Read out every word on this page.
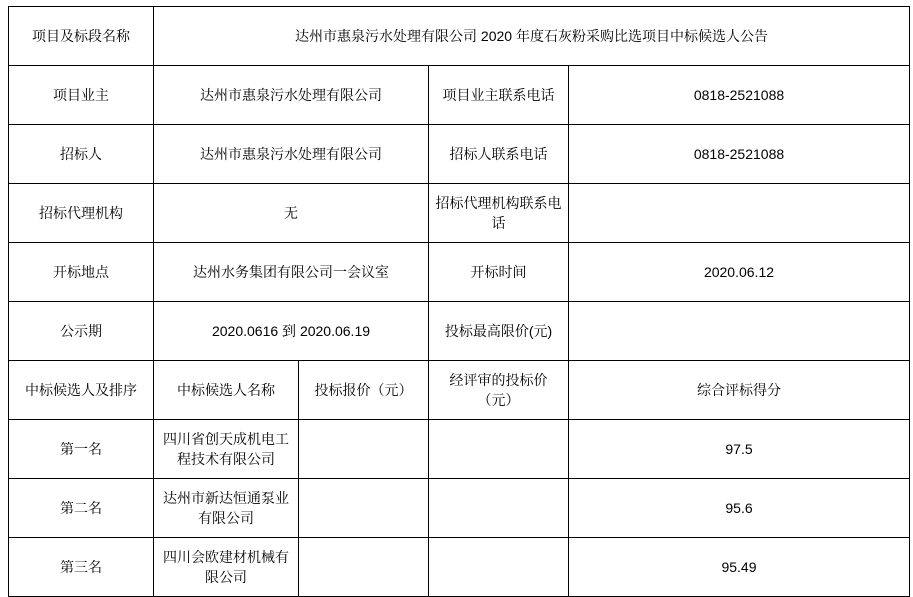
项目及标段名称	达州市惠泉污水处理有限公司 2020 年度石灰粉采购比选项目中标候选人公告			
项目业主	达州市惠泉污水处理有限公司		项目业主联系电话	0818-2521088
招标人	达州市惠泉污水处理有限公司		招标人联系电话	0818-2521088
招标代理机构	无		招标代理机构联系电话	
开标地点	达州水务集团有限公司一会议室		开标时间	2020.06.12
公示期	2020.0616 到 2020.06.19		投标最高限价(元)	
中标候选人及排序	中标候选人名称	投标报价（元）	经评审的投标价（元）	综合评标得分
第一名	四川省创天成机电工程技术有限公司			97.5
第二名	达州市新达恒通泵业有限公司			95.6
第三名	四川会欧建材机械有限公司			95.49
